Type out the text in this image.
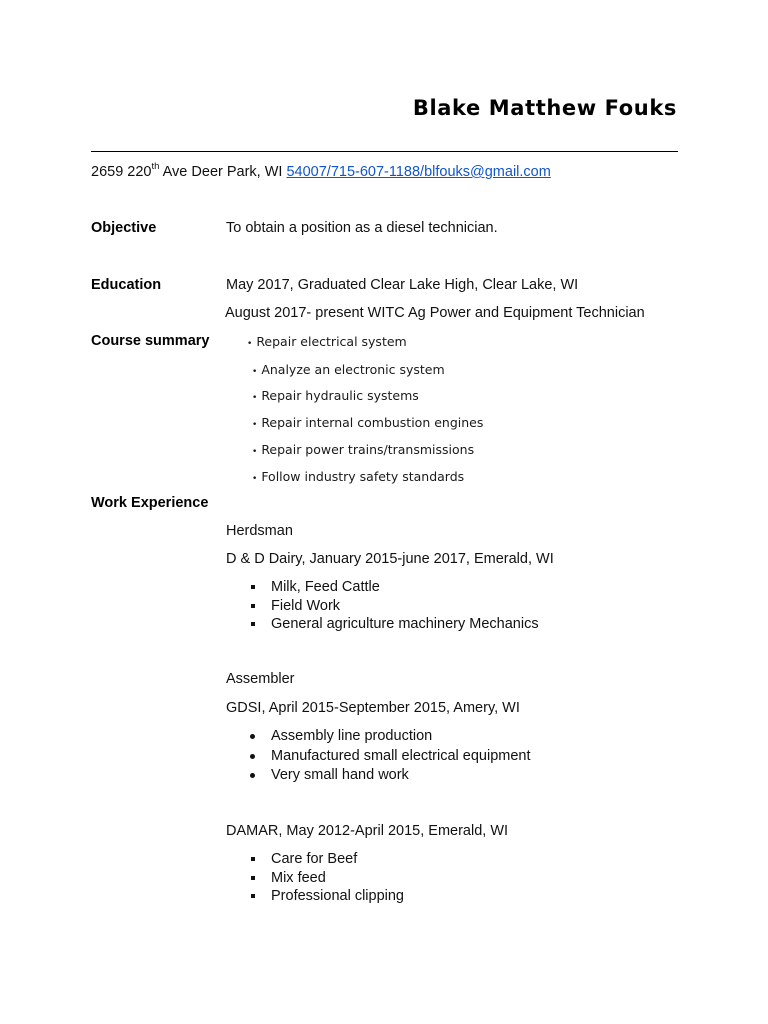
Blake Matthew Fouks
2659 220th Ave Deer Park, WI 54007/715-607-1188/blfouks@gmail.com
Objective	To obtain a position as a diesel technician.
Education	May 2017, Graduated Clear Lake High, Clear Lake, WI
August 2017- present WITC Ag Power and Equipment Technician
Course summary	• Repair electrical system
• Analyze an electronic system
• Repair hydraulic systems
• Repair internal combustion engines
• Repair power trains/transmissions
• Follow industry safety standards
Work Experience
Herdsman
D & D Dairy, January 2015-june 2017, Emerald, WI
Milk, Feed Cattle
Field Work
General agriculture machinery Mechanics
Assembler
GDSI, April 2015-September 2015, Amery, WI
Assembly line production
Manufactured small electrical equipment
Very small hand work
DAMAR, May 2012-April 2015, Emerald, WI
Care for Beef
Mix feed
Professional clipping
